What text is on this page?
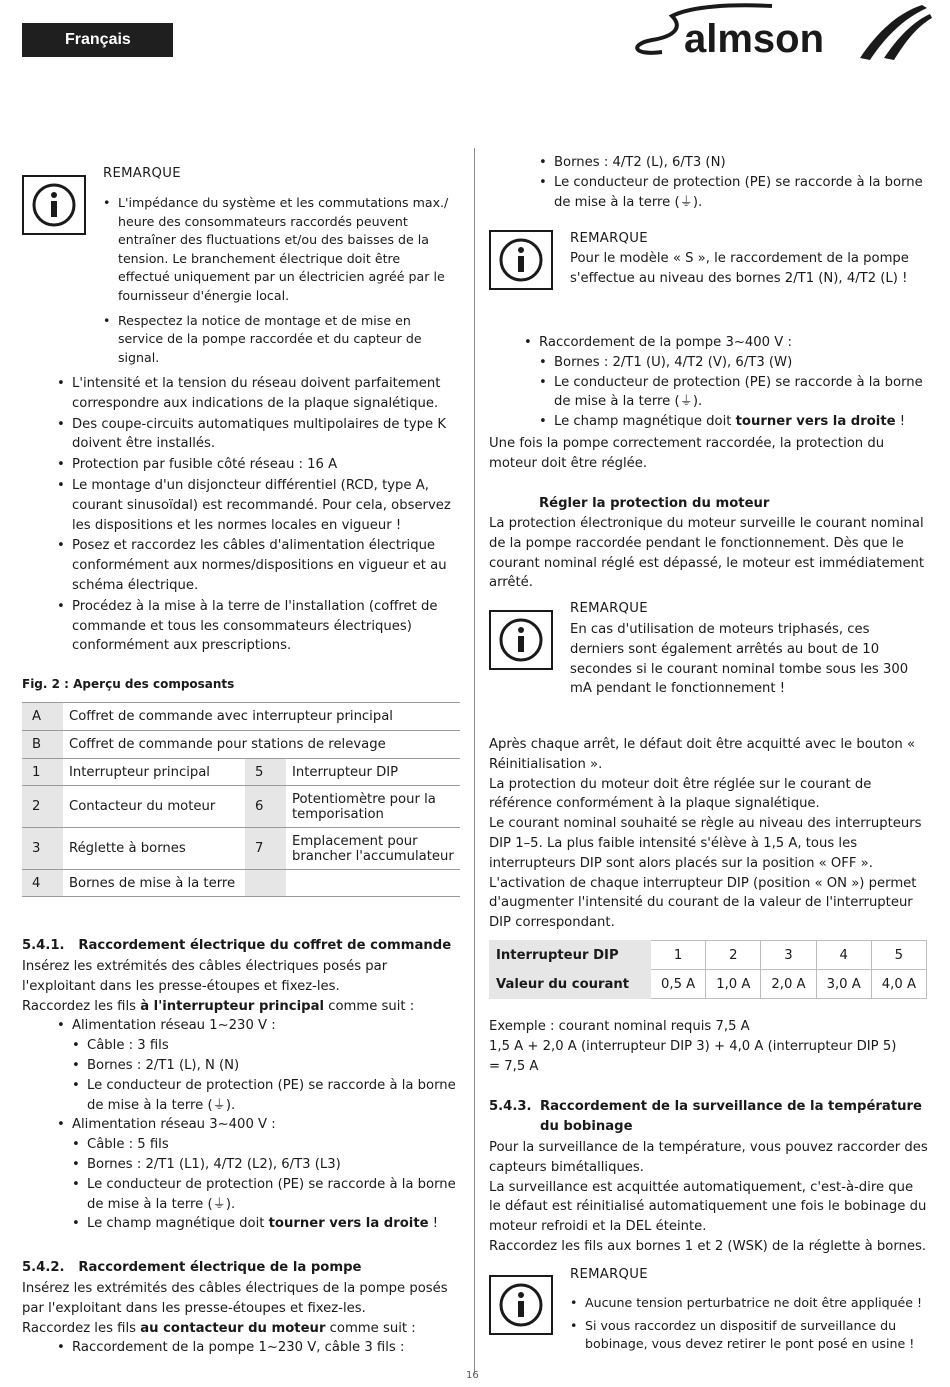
Français	almson
REMARQUE
• L'impédance du système et les commutations max./ heure des consommateurs raccordés peuvent entraîner des fluctuations et/ou des baisses de la tension. Le branchement électrique doit être effectué uniquement par un électricien agréé par le fournisseur d'énergie local.
• Respectez la notice de montage et de mise en service de la pompe raccordée et du capteur de signal.
• L'intensité et la tension du réseau doivent parfaitement correspondre aux indications de la plaque signalétique.
• Des coupe-circuits automatiques multipolaires de type K doivent être installés.
• Protection par fusible côté réseau : 16 A
• Le montage d'un disjoncteur différentiel (RCD, type A, courant sinusoïdal) est recommandé. Pour cela, observez les dispositions et les normes locales en vigueur !
• Posez et raccordez les câbles d'alimentation électrique conformément aux normes/dispositions en vigueur et au schéma électrique.
• Procédez à la mise à la terre de l'installation (coffret de commande et tous les consommateurs électriques) conformément aux prescriptions.
Fig. 2 : Aperçu des composants
A	Coffret de commande avec interrupteur principal		
B	Coffret de commande pour stations de relevage		
1	Interrupteur principal	5	Interrupteur DIP
2	Contacteur du moteur	6	Potentiomètre pour la temporisation
3	Réglette à bornes	7	Emplacement pour brancher l'accumulateur
4	Bornes de mise à la terre		
5.4.1. Raccordement électrique du coffret de commande
Insérez les extrémités des câbles électriques posés par l'exploitant dans les presse-étoupes et fixez-les.
Raccordez les fils à l'interrupteur principal comme suit :
• Alimentation réseau 1~230 V :
• Câble : 3 fils
• Bornes : 2/T1 (L), N (N)
• Le conducteur de protection (PE) se raccorde à la borne de mise à la terre (⏚).
• Alimentation réseau 3~400 V :
• Câble : 5 fils
• Bornes : 2/T1 (L1), 4/T2 (L2), 6/T3 (L3)
• Le conducteur de protection (PE) se raccorde à la borne de mise à la terre (⏚).
• Le champ magnétique doit tourner vers la droite !
5.4.2. Raccordement électrique de la pompe
Insérez les extrémités des câbles électriques de la pompe posés par l'exploitant dans les presse-étoupes et fixez-les.
Raccordez les fils au contacteur du moteur comme suit :
• Raccordement de la pompe 1~230 V, câble 3 fils :
• Bornes : 4/T2 (L), 6/T3 (N)
• Le conducteur de protection (PE) se raccorde à la borne de mise à la terre (⏚).
REMARQUE
Pour le modèle « S », le raccordement de la pompe s'effectue au niveau des bornes 2/T1 (N), 4/T2 (L) !
• Raccordement de la pompe 3~400 V :
• Bornes : 2/T1 (U), 4/T2 (V), 6/T3 (W)
• Le conducteur de protection (PE) se raccorde à la borne de mise à la terre (⏚).
• Le champ magnétique doit tourner vers la droite !
Une fois la pompe correctement raccordée, la protection du moteur doit être réglée.
Régler la protection du moteur
La protection électronique du moteur surveille le courant nominal de la pompe raccordée pendant le fonctionnement. Dès que le courant nominal réglé est dépassé, le moteur est immédiatement arrêté.
REMARQUE
En cas d'utilisation de moteurs triphasés, ces derniers sont également arrêtés au bout de 10 secondes si le courant nominal tombe sous les 300 mA pendant le fonctionnement !
Après chaque arrêt, le défaut doit être acquitté avec le bouton « Réinitialisation ».
La protection du moteur doit être réglée sur le courant de référence conformément à la plaque signalétique.
Le courant nominal souhaité se règle au niveau des interrupteurs DIP 1–5. La plus faible intensité s'élève à 1,5 A, tous les interrupteurs DIP sont alors placés sur la position « OFF ». L'activation de chaque interrupteur DIP (position « ON ») permet d'augmenter l'intensité du courant de la valeur de l'interrupteur DIP correspondant.
Interrupteur DIP	1	2	3	4	5
Valeur du courant	0,5 A	1,0 A	2,0 A	3,0 A	4,0 A
Exemple : courant nominal requis 7,5 A
1,5 A + 2,0 A (interrupteur DIP 3) + 4,0 A (interrupteur DIP 5) = 7,5 A
5.4.3. Raccordement de la surveillance de la température du bobinage
Pour la surveillance de la température, vous pouvez raccorder des capteurs bimétalliques.
La surveillance est acquittée automatiquement, c'est-à-dire que le défaut est réinitialisé automatiquement une fois le bobinage du moteur refroidi et la DEL éteinte.
Raccordez les fils aux bornes 1 et 2 (WSK) de la réglette à bornes.
REMARQUE
• Aucune tension perturbatrice ne doit être appliquée !
• Si vous raccordez un dispositif de surveillance du bobinage, vous devez retirer le pont posé en usine !
16
